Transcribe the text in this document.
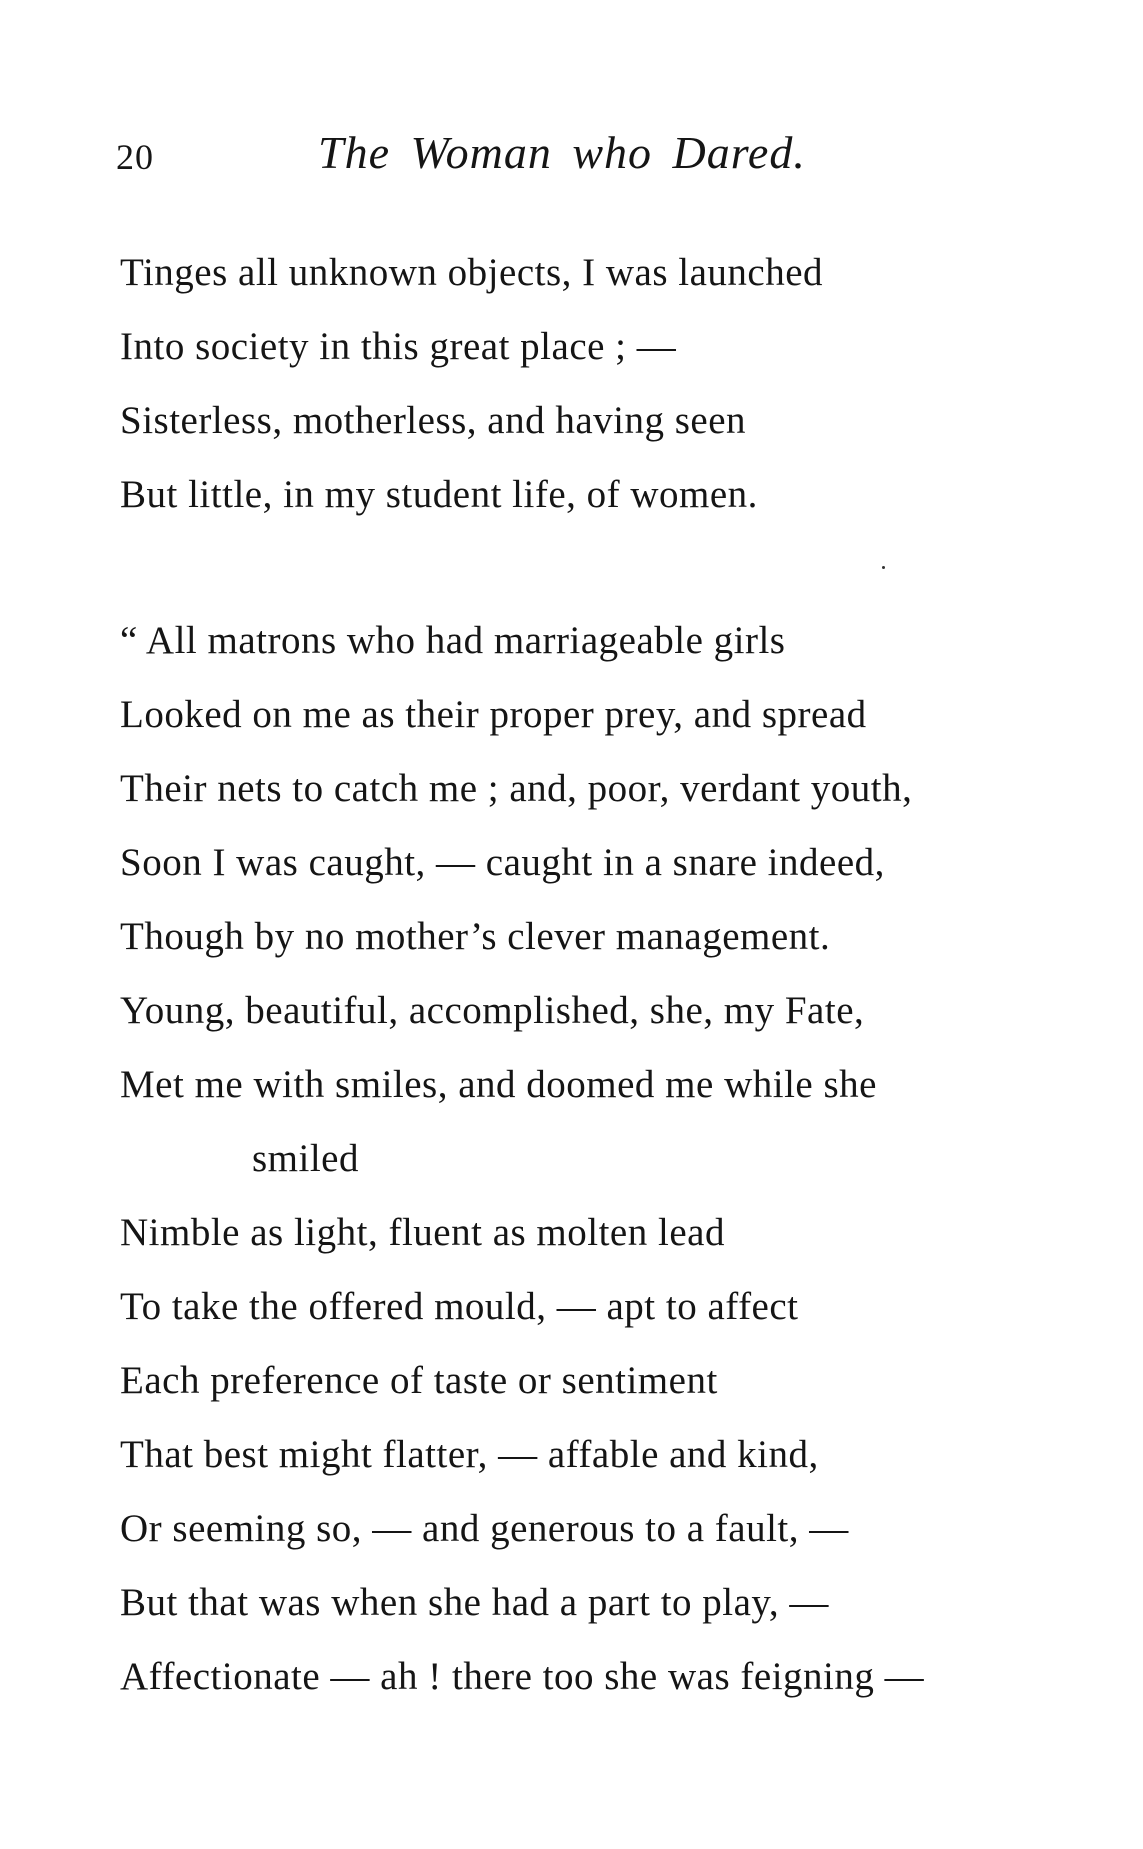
20	The Woman who Dared.
Tinges all unknown objects, I was launched
Into society in this great place ; —
Sisterless, motherless, and having seen
But little, in my student life, of women.
“ All matrons who had marriageable girls
Looked on me as their proper prey, and spread
Their nets to catch me ; and, poor, verdant youth,
Soon I was caught, — caught in a snare indeed,
Though by no mother’s clever management.
Young, beautiful, accomplished, she, my Fate,
Met me with smiles, and doomed me while she
smiled
Nimble as light, fluent as molten lead
To take the offered mould, — apt to affect
Each preference of taste or sentiment
That best might flatter, — affable and kind,
Or seeming so, — and generous to a fault, —
But that was when she had a part to play, —
Affectionate — ah ! there too she was feigning —
